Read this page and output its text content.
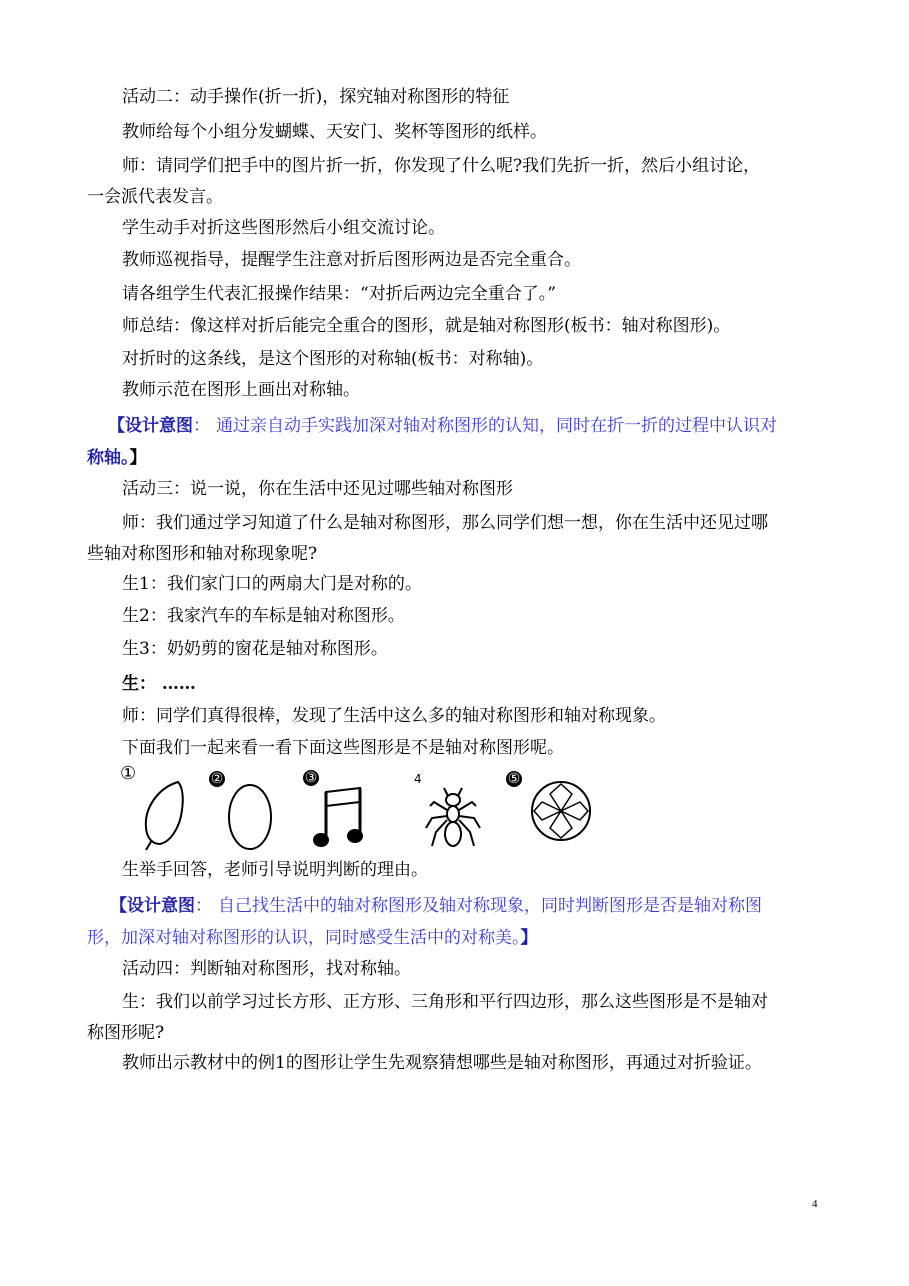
活动二：动手操作(折一折)，探究轴对称图形的特征
教师给每个小组分发蝴蝶、天安门、奖杯等图形的纸样。
师：请同学们把手中的图片折一折，你发现了什么呢?我们先折一折，然后小组讨论，
一会派代表发言。
学生动手对折这些图形然后小组交流讨论。
教师巡视指导，提醒学生注意对折后图形两边是否完全重合。
请各组学生代表汇报操作结果：“对折后两边完全重合了。”
师总结：像这样对折后能完全重合的图形，就是轴对称图形(板书：轴对称图形)。
对折时的这条线，是这个图形的对称轴(板书：对称轴)。
教师示范在图形上画出对称轴。
【设计意图： 通过亲自动手实践加深对轴对称图形的认知，同时在折一折的过程中认识对
称轴。】
活动三：说一说，你在生活中还见过哪些轴对称图形
师：我们通过学习知道了什么是轴对称图形，那么同学们想一想，你在生活中还见过哪
些轴对称图形和轴对称现象呢?
生1：我们家门口的两扇大门是对称的。
生2：我家汽车的车标是轴对称图形。
生3：奶奶剪的窗花是轴对称图形。
生： ……
师：同学们真得很棒，发现了生活中这么多的轴对称图形和轴对称现象。
下面我们一起来看一看下面这些图形是不是轴对称图形呢。
①	②	③	4	⑤
生举手回答，老师引导说明判断的理由。
【设计意图： 自己找生活中的轴对称图形及轴对称现象，同时判断图形是否是轴对称图
形，加深对轴对称图形的认识，同时感受生活中的对称美。】
活动四：判断轴对称图形，找对称轴。
生：我们以前学习过长方形、正方形、三角形和平行四边形，那么这些图形是不是轴对
称图形呢?
教师出示教材中的例1的图形让学生先观察猜想哪些是轴对称图形，再通过对折验证。
4
